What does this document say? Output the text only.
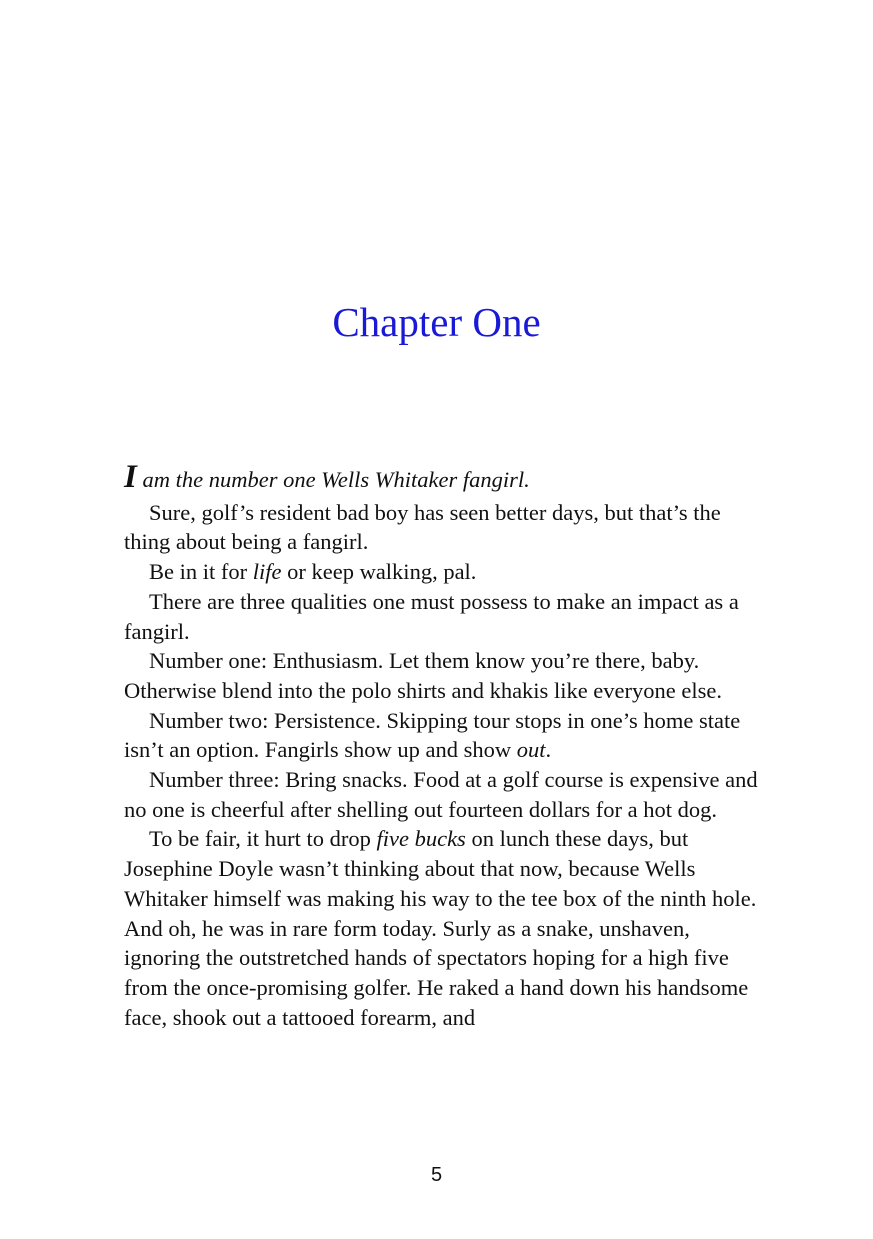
Chapter One

I am the number one Wells Whitaker fangirl.

Sure, golf’s resident bad boy has seen better days, but that’s the thing about being a fangirl.

Be in it for life or keep walking, pal.

There are three qualities one must possess to make an impact as a fangirl.

Number one: Enthusiasm. Let them know you’re there, baby. Otherwise blend into the polo shirts and khakis like everyone else.

Number two: Persistence. Skipping tour stops in one’s home state isn’t an option. Fangirls show up and show out.

Number three: Bring snacks. Food at a golf course is expensive and no one is cheerful after shelling out fourteen dollars for a hot dog.

To be fair, it hurt to drop five bucks on lunch these days, but Josephine Doyle wasn’t thinking about that now, because Wells Whitaker himself was making his way to the tee box of the ninth hole. And oh, he was in rare form today. Surly as a snake, unshaven, ignoring the outstretched hands of spectators hoping for a high five from the once-promising golfer. He raked a hand down his handsome face, shook out a tattooed forearm, and

5
